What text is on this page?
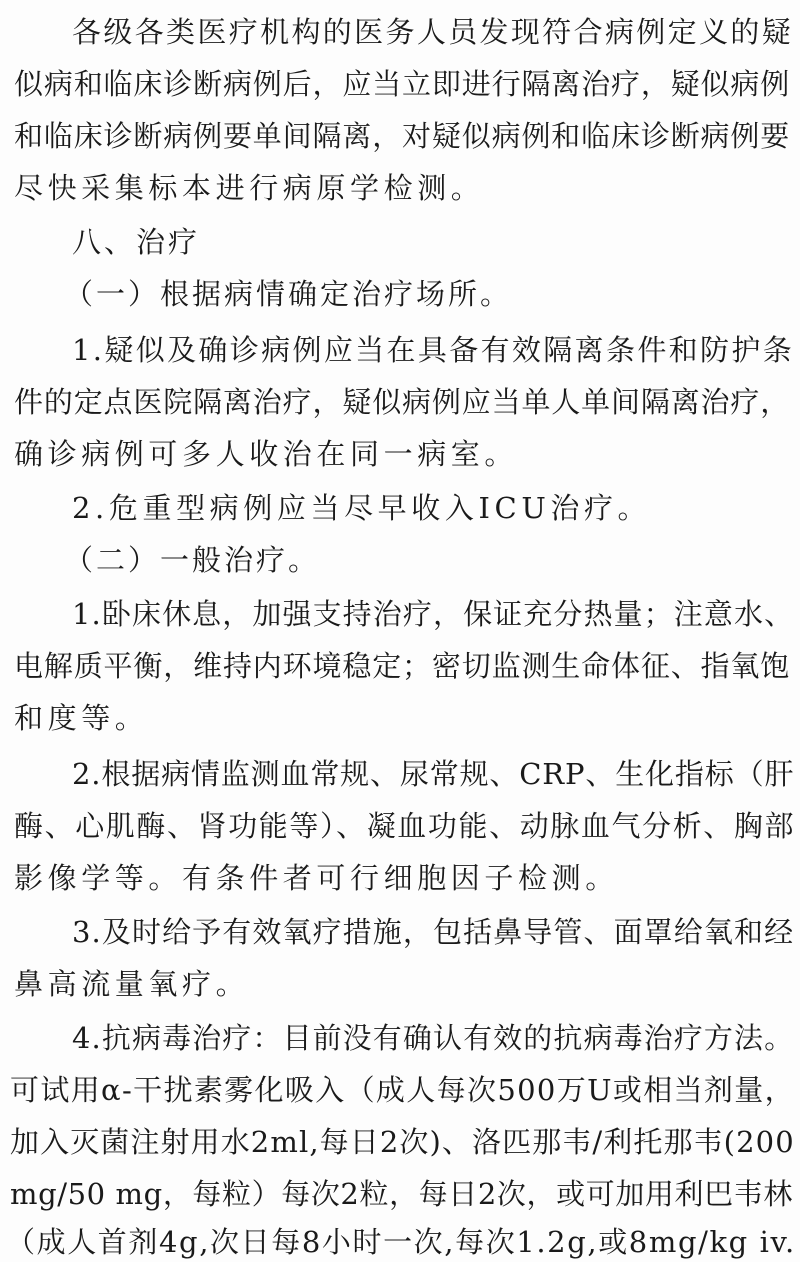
各级各类医疗机构的医务人员发现符合病例定义的疑

似病和临床诊断病例后，应当立即进行隔离治疗，疑似病例

和临床诊断病例要单间隔离，对疑似病例和临床诊断病例要

尽快采集标本进行病原学检测。

八、治疗

（一）根据病情确定治疗场所。

1.疑似及确诊病例应当在具备有效隔离条件和防护条

件的定点医院隔离治疗，疑似病例应当单人单间隔离治疗，

确诊病例可多人收治在同一病室。

2.危重型病例应当尽早收入ICU治疗。

（二）一般治疗。

1.卧床休息，加强支持治疗，保证充分热量；注意水、

电解质平衡，维持内环境稳定；密切监测生命体征、指氧饱

和度等。

2.根据病情监测血常规、尿常规、CRP、生化指标（肝

酶、心肌酶、肾功能等）、凝血功能、动脉血气分析、胸部

影像学等。有条件者可行细胞因子检测。

3.及时给予有效氧疗措施，包括鼻导管、面罩给氧和经

鼻高流量氧疗。

4.抗病毒治疗：目前没有确认有效的抗病毒治疗方法。

可试用α-干扰素雾化吸入（成人每次500万U或相当剂量，

加入灭菌注射用水2ml,每日2次)、洛匹那韦/利托那韦(200

mg/50 mg，每粒）每次2粒，每日2次，或可加用利巴韦林

（成人首剂4g,次日每8小时一次,每次1.2g,或8mg/kg iv.
